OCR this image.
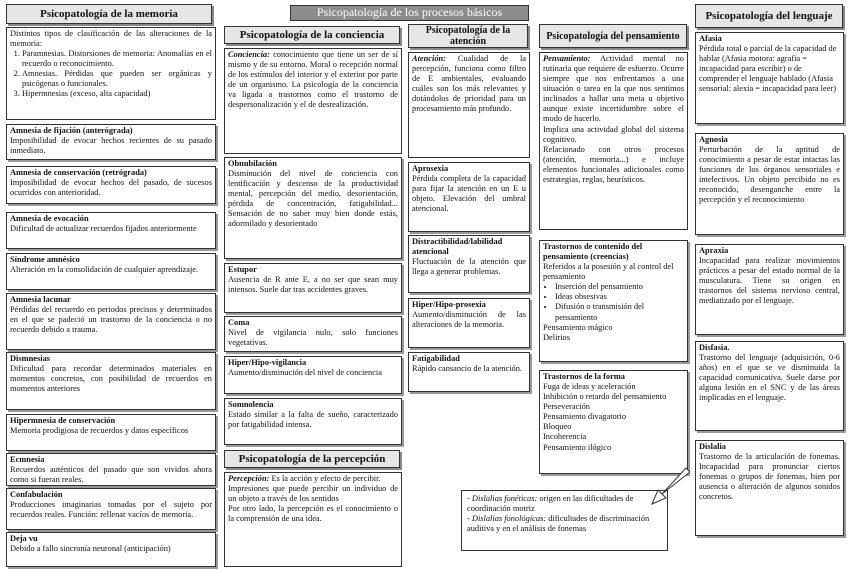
Psicopatología de los procesos básicos
Psicopatología de la memoria
Distintos tipos de clasificación de las alteraciones de la memoria:
1. Paramnesias. Distorsiones de memoria: Anomalías en el recuerdo o reconocimiento.
2. Amnesias. Pérdidas que pueden ser orgánicas y psicógenas o funcionales.
3. Hipermnesias (exceso, alta capacidad)
Amnesia de fijación (anterógrada)
Imposibilidad de evocar hechos recientes de su pasado inmediato.
Amnesia de conservación (retrógrada)
Imposibilidad de evocar hechos del pasado, de sucesos ocurridos con anterioridad.
Amnesia de evocación
Dificultad de actualizar recuerdos fijados anteriormente
Síndrome amnésico
Alteración en la consolidación de cualquier aprendizaje.
Amnesia lacunar
Pérdidas del recuerdo en periodos precisos y determinados en el que se padeció un trastorno de la conciencia o no recuerdo debido a trauma.
Dismnesias
Dificultad para recordar determinados materiales en momentos concretos, con posibilidad de recuerdos en momentos anteriores
Hipermnesia de conservación
Memoria prodigiosa de recuerdos y datos específicos
Ecmnesia
Recuerdos auténticos del pasado que son vividos ahora como si fueran reales.
Confabulación
Producciones imaginarias tomadas por el sujeto por recuerdos reales. Función: rellenar vacíos de memoria.
Deja vu
Debido a fallo sincronía neuronal (anticipación)
Psicopatología de la conciencia
Conciencia: conocimiento que tiene un ser de sí mismo y de su entorno. Moral o recepción normal de los estímulos del interior y el exterior por parte de un organismo. La psicología de la conciencia va ligada a trastornos como el trastorno de despersonalización y el de desrealización.
Obnubilación
Disminución del nivel de conciencia con lentificación y descenso de la productividad mental, percepción del medio, desorientación, pérdida de concentración, fatigabilidad... Sensación de no saber muy bien donde estás, adormilado y desorientado
Estupor
Ausencia de R ante E, a no ser que sean muy intensos. Suele dar tras accidentes graves.
Coma
Nivel de vigilancia nulo, solo funciones vegetativas.
Hiper/Hipo-vigilancia
Aumento/disminución del nivel de conciencia
Somnolencia
Estado similar a la falta de sueño, caracterizado por fatigabilidad intensa.
Psicopatología de la percepción
Percepción: Es la acción y efecto de percibir.
Impresiones que puede percibir un individuo de un objeto a través de los sentidos
Por otro lado, la percepción es el conocimiento o la comprensión de una idea.
Psicopatología de la atención
Atención: Cualidad de la percepción, funciona como filtro de E ambientales, evaluando cuáles son los más relevantes y dotándolos de prioridad para un procesamiento más profundo.
Aprosexia
Pérdida completa de la capacidad para fijar la atención en un E u objeto. Elevación del umbral atencional.
Distractibilidad/labilidad atencional
Fluctuación de la atención que llega a generar problemas.
Hiper/Hipo-prosexia
Aumento/disminución de las alteraciones de la memoria.
Fatigabilidad
Rápido cansancio de la atención.
Psicopatología del pensamiento
Pensamiento: Actividad mental no rutinaria que requiere de esfuerzo. Ocurre siempre que nos enfrentamos a una situación o tarea en la que nos sentimos inclinados a hallar una meta u objetivo aunque existe incertidumbre sobre el modo de hacerlo.
Implica una actividad global del sistema cognitivo.
Relacionado con otros procesos (atención, memoria...) e incluye elementos funcionales adicionales como estrategias, reglas, heurísticos.
Trastornos de contenido del pensamiento (creencias)
Referidos a la posesión y al control del pensamiento
• Inserción del pensamiento
• Ideas obsesivas
• Difusión o transmisión del pensamiento
Pensamiento mágico
Delirios
Trastornos de la forma
Fuga de ideas y aceleración
Inhibición o retardo del pensamiento
Perseveración
Pensamiento divagatorio
Bloqueo
Incoherencia
Pensamiento ilógico
- Dislalias fonéticas: origen en las dificultades de coordinación motriz
- Dislalias fonológicas: dificultades de discriminación auditiva y en el análisis de fonemas
Psicopatología del lenguaje
Afasia
Pérdida total o parcial de la capacidad de hablar (Afasia motora: agrafia = incapacidad para escribir) o de comprender el lenguaje hablado (Afasia sensorial: alexia = incapacidad para leer)
Agnosia
Perturbación de la aptitud de conocimiento a pesar de estar intactas las funciones de los órganos sensoriales e intelectivos. Un objeto percibido no es reconocido, desenganche entre la percepción y el reconocimiento
Apraxia
Incapacidad para realizar movimientos prácticos a pesar del estado normal de la musculatura. Tiene su origen en trastornos del sistema nervioso central, mediatizado por el lenguaje.
Disfasia.
Trastorno del lenguaje (adquisición, 0-6 años) en el que se ve disminuida la capacidad comunicativa. Suele darse por alguna lesión en el SNC y de las áreas implicadas en el lenguaje.
Dislalia
Trastorno de la articulación de fonemas. Incapacidad para pronunciar ciertos fonemas o grupos de fonemas, bien por ausencia o alteración de algunos sonidos concretos.
